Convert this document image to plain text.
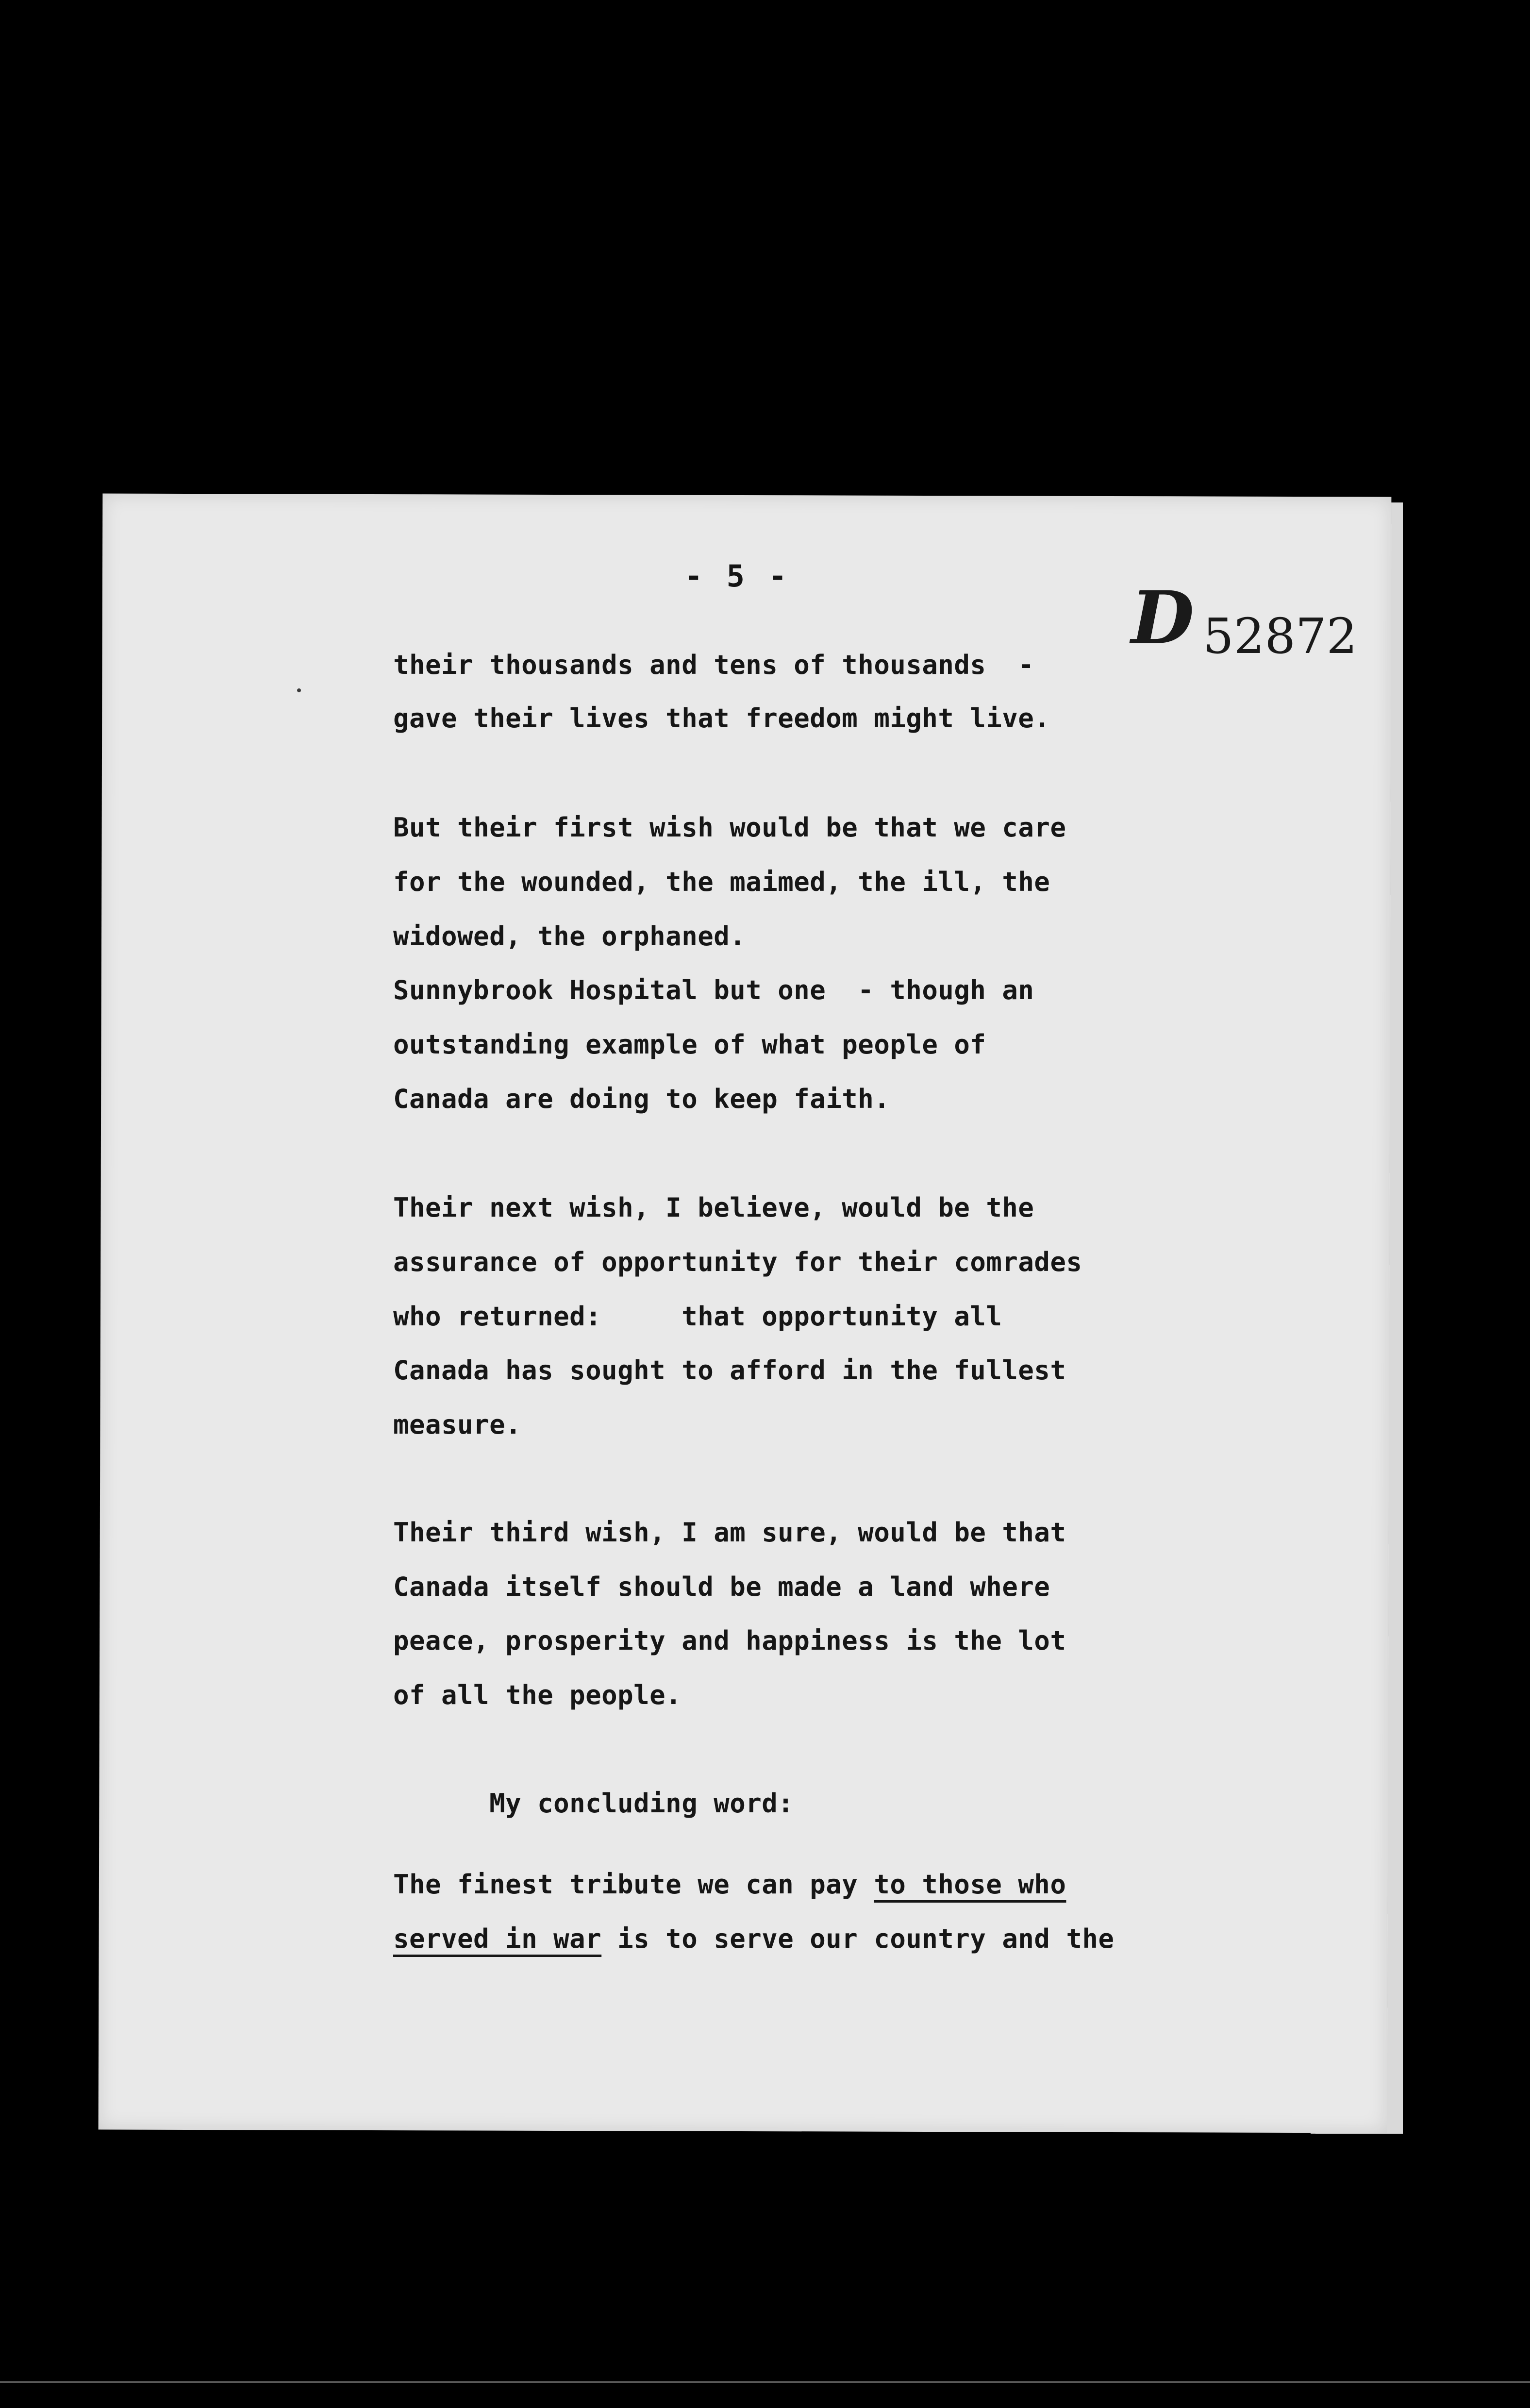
- 5 -	D 52872
their thousands and tens of thousands  -
gave their lives that freedom might live.
But their first wish would be that we care
for the wounded, the maimed, the ill, the
widowed, the orphaned.
Sunnybrook Hospital but one  - though an
outstanding example of what people of
Canada are doing to keep faith.
Their next wish, I believe, would be the
assurance of opportunity for their comrades
who returned:     that opportunity all
Canada has sought to afford in the fullest
measure.
Their third wish, I am sure, would be that
Canada itself should be made a land where
peace, prosperity and happiness is the lot
of all the people.
My concluding word:
The finest tribute we can pay to those who
served in war is to serve our country and the
